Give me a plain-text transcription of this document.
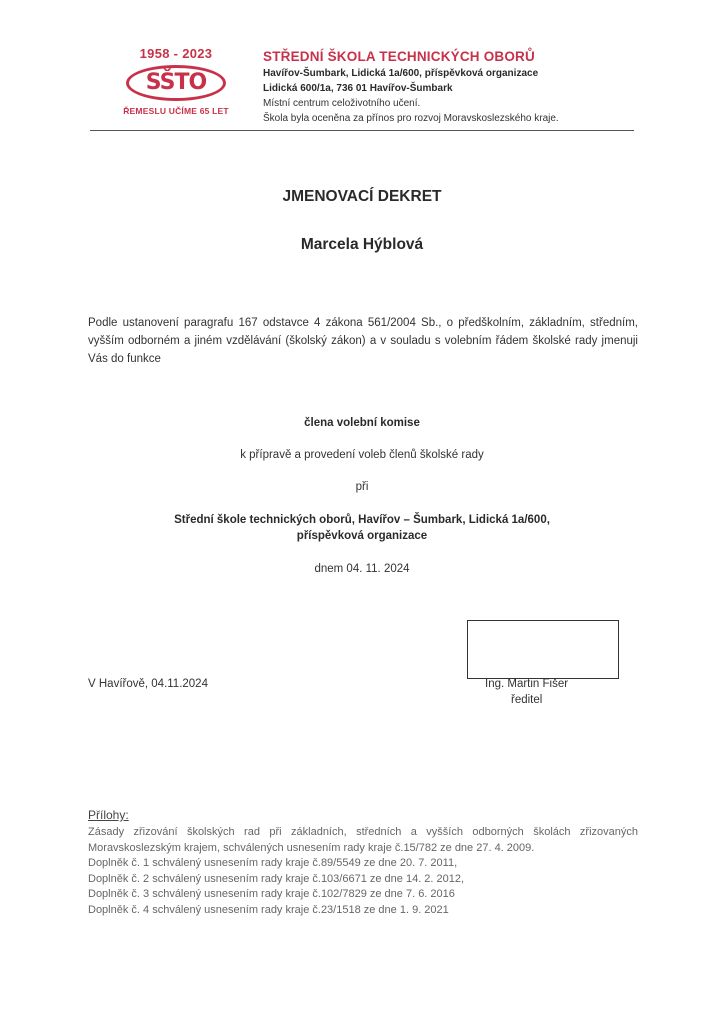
1958 - 2023
SŠTO
ŘEMESLU UČÍME 65 LET
STŘEDNÍ ŠKOLA TECHNICKÝCH OBORŮ
Havířov-Šumbark, Lidická 1a/600, příspěvková organizace
Lidická 600/1a, 736 01 Havířov-Šumbark
Místní centrum celoživotního učení.
Škola byla oceněna za přínos pro rozvoj Moravskoslezského kraje.
JMENOVACÍ DEKRET
Marcela Hýblová
Podle ustanovení paragrafu 167 odstavce 4 zákona 561/2004 Sb., o předškolním, základním, středním, vyšším odborném a jiném vzdělávání (školský zákon) a v souladu s volebním řádem školské rady jmenuji Vás do funkce
člena volební komise
k přípravě a provedení voleb členů školské rady
při
Střední škole technických oborů, Havířov – Šumbark, Lidická 1a/600,
příspěvková organizace
dnem 04. 11. 2024
V Havířově, 04.11.2024	Ing. Martin Fišer
ředitel
Přílohy:
Zásady zřizování školských rad při základních, středních a vyšších odborných školách zřizovaných Moravskoslezským krajem, schválených usnesením rady kraje č.15/782 ze dne 27. 4. 2009.
Doplněk č. 1 schválený usnesením rady kraje č.89/5549 ze dne 20. 7. 2011,
Doplněk č. 2 schválený usnesením rady kraje č.103/6671 ze dne 14. 2. 2012,
Doplněk č. 3 schválený usnesením rady kraje č.102/7829 ze dne 7. 6. 2016
Doplněk č. 4 schválený usnesením rady kraje č.23/1518 ze dne 1. 9. 2021
